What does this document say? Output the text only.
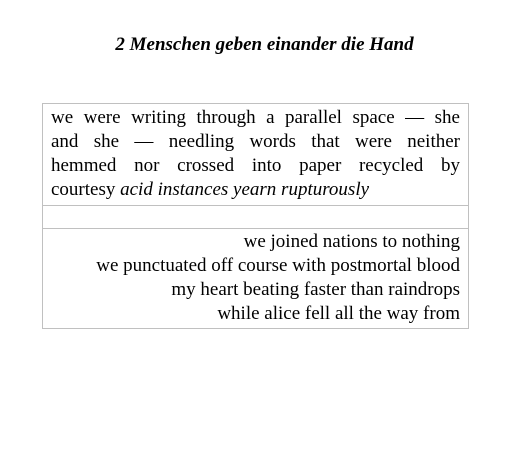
2 Menschen geben einander die Hand
we were writing through a parallel space — she
and she — needling words that were neither
hemmed nor crossed into paper recycled by
courtesy acid instances yearn rupturously
we joined nations to nothing
we punctuated off course with postmortal blood
my heart beating faster than raindrops
while alice fell all the way from
